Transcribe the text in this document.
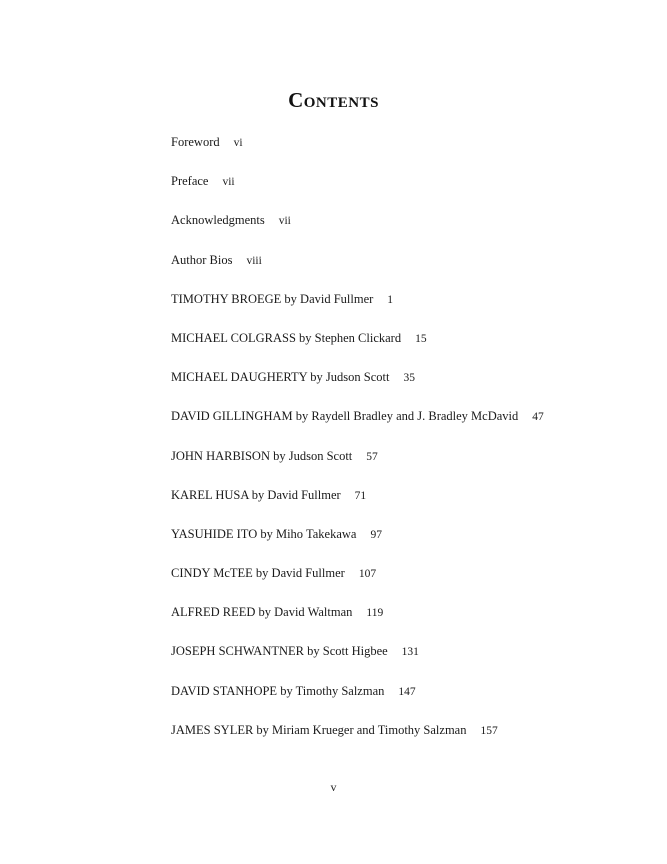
Contents
Foreword vi
Preface vii
Acknowledgments vii
Author Bios viii
TIMOTHY BROEGE by David Fullmer 1
MICHAEL COLGRASS by Stephen Clickard 15
MICHAEL DAUGHERTY by Judson Scott 35
DAVID GILLINGHAM by Raydell Bradley and J. Bradley McDavid 47
JOHN HARBISON by Judson Scott 57
KAREL HUSA by David Fullmer 71
YASUHIDE ITO by Miho Takekawa 97
CINDY McTEE by David Fullmer 107
ALFRED REED by David Waltman 119
JOSEPH SCHWANTNER by Scott Higbee 131
DAVID STANHOPE by Timothy Salzman 147
JAMES SYLER by Miriam Krueger and Timothy Salzman 157
v
